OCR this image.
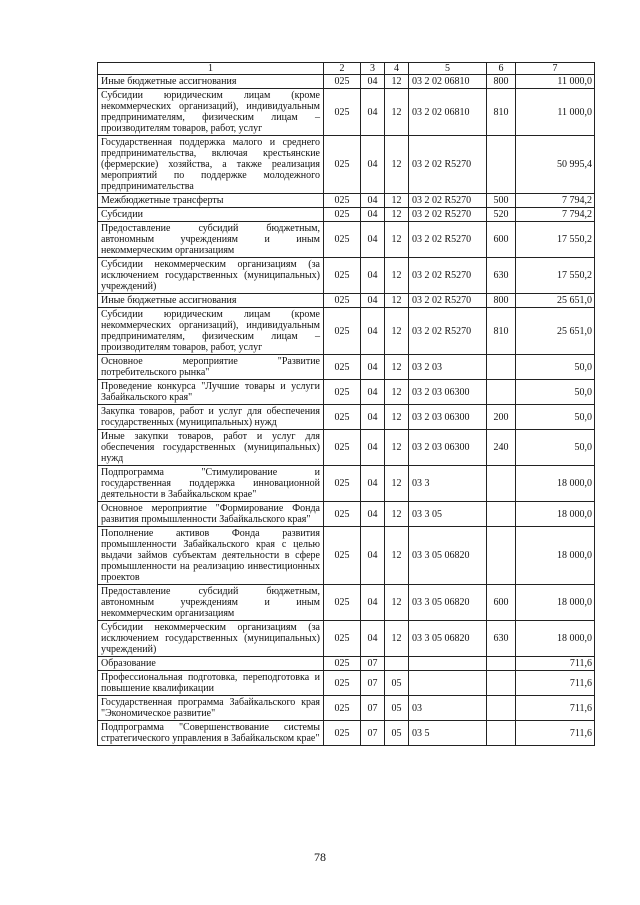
1	2	3	4	5	6	7
Иные бюджетные ассигнования	025	04	12	03 2 02 06810	800	11 000,0
Субсидии юридическим лицам (кроме некоммерческих организаций), индивидуальным предпринимателям, физическим лицам – производителям товаров, работ, услуг	025	04	12	03 2 02 06810	810	11 000,0
Государственная поддержка малого и среднего предпринимательства, включая крестьянские (фермерские) хозяйства, а также реализация мероприятий по поддержке молодежного предпринимательства	025	04	12	03 2 02 R5270		50 995,4
Межбюджетные трансферты	025	04	12	03 2 02 R5270	500	7 794,2
Субсидии	025	04	12	03 2 02 R5270	520	7 794,2
Предоставление субсидий бюджетным, автономным учреждениям и иным некоммерческим организациям	025	04	12	03 2 02 R5270	600	17 550,2
Субсидии некоммерческим организациям (за исключением государственных (муниципальных) учреждений)	025	04	12	03 2 02 R5270	630	17 550,2
Иные бюджетные ассигнования	025	04	12	03 2 02 R5270	800	25 651,0
Субсидии юридическим лицам (кроме некоммерческих организаций), индивидуальным предпринимателям, физическим лицам – производителям товаров, работ, услуг	025	04	12	03 2 02 R5270	810	25 651,0
Основное мероприятие "Развитие потребительского рынка"	025	04	12	03 2 03		50,0
Проведение конкурса "Лучшие товары и услуги Забайкальского края"	025	04	12	03 2 03 06300		50,0
Закупка товаров, работ и услуг для обеспечения государственных (муниципальных) нужд	025	04	12	03 2 03 06300	200	50,0
Иные закупки товаров, работ и услуг для обеспечения государственных (муниципальных) нужд	025	04	12	03 2 03 06300	240	50,0
Подпрограмма "Стимулирование и государственная поддержка инновационной деятельности в Забайкальском крае"	025	04	12	03 3		18 000,0
Основное мероприятие "Формирование Фонда развития промышленности Забайкальского края"	025	04	12	03 3 05		18 000,0
Пополнение активов Фонда развития промышленности Забайкальского края с целью выдачи займов субъектам деятельности в сфере промышленности на реализацию инвестиционных проектов	025	04	12	03 3 05 06820		18 000,0
Предоставление субсидий бюджетным, автономным учреждениям и иным некоммерческим организациям	025	04	12	03 3 05 06820	600	18 000,0
Субсидии некоммерческим организациям (за исключением государственных (муниципальных) учреждений)	025	04	12	03 3 05 06820	630	18 000,0
Образование	025	07				711,6
Профессиональная подготовка, переподготовка и повышение квалификации	025	07	05			711,6
Государственная программа Забайкальского края "Экономическое развитие"	025	07	05	03		711,6
Подпрограмма "Совершенствование системы стратегического управления в Забайкальском крае"	025	07	05	03 5		711,6
78
